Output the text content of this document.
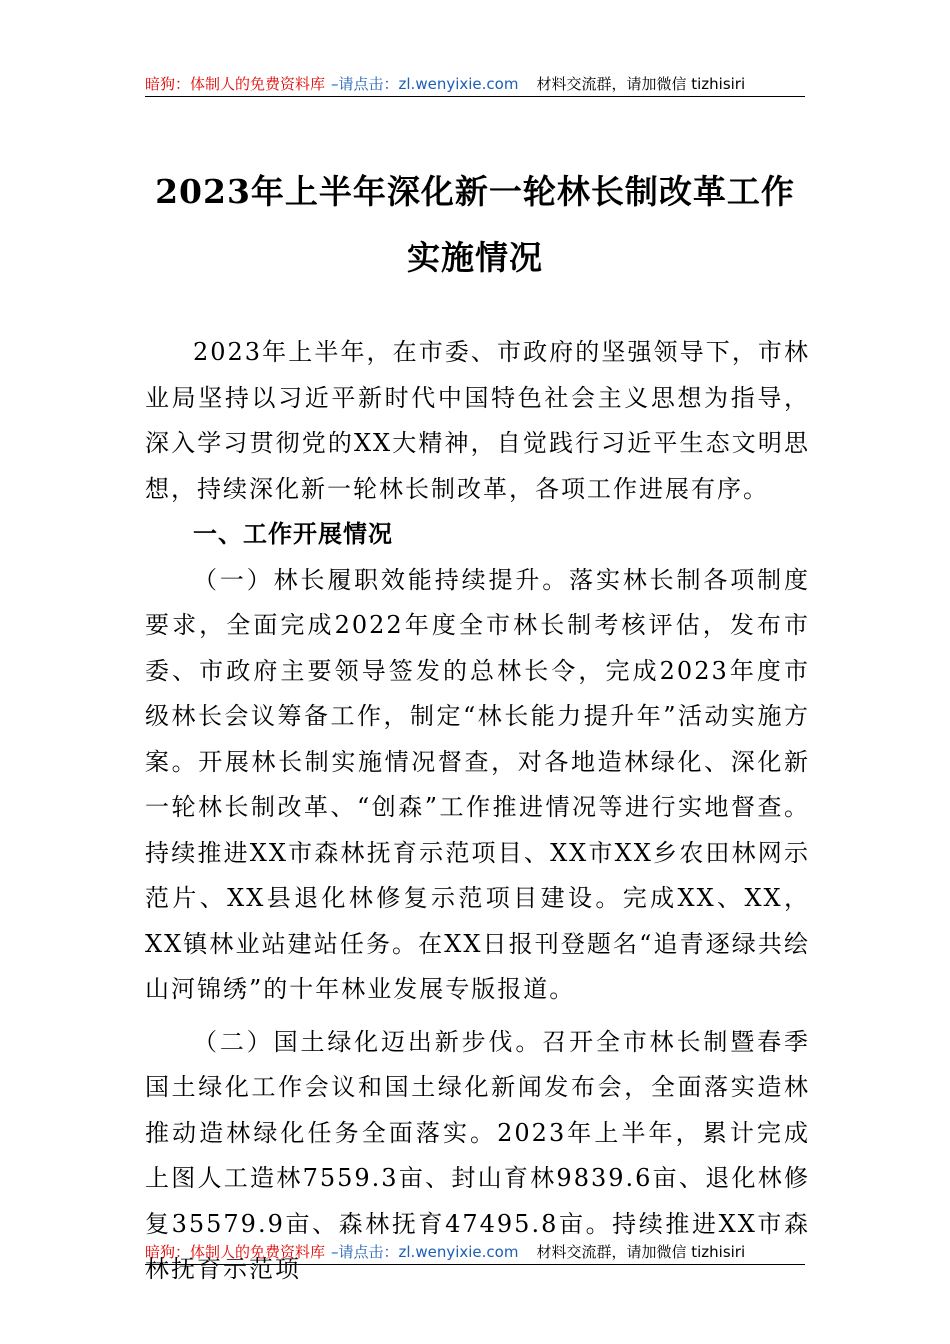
暗狗：体制人的免费资料库 –请点击：zl.wenyixie.com 材料交流群，请加微信 tizhisiri
2023年上半年深化新一轮林长制改革工作
实施情况

2023年上半年，在市委、市政府的坚强领导下，市林业局坚持以习近平新时代中国特色社会主义思想为指导，深入学习贯彻党的XX大精神，自觉践行习近平生态文明思想，持续深化新一轮林长制改革，各项工作进展有序。

一、工作开展情况

（一）林长履职效能持续提升。落实林长制各项制度要求，全面完成2022年度全市林长制考核评估，发布市委、市政府主要领导签发的总林长令，完成2023年度市级林长会议筹备工作，制定“林长能力提升年”活动实施方案。开展林长制实施情况督查，对各地造林绿化、深化新一轮林长制改革、“创森”工作推进情况等进行实地督查。持续推进XX市森林抚育示范项目、XX市XX乡农田林网示范片、XX县退化林修复示范项目建设。完成XX、XX，XX镇林业站建站任务。在XX日报刊登题名“追青逐绿共绘山河锦绣”的十年林业发展专版报道。

（二）国土绿化迈出新步伐。召开全市林长制暨春季国土绿化工作会议和国土绿化新闻发布会，全面落实造林推动造林绿化任务全面落实。2023年上半年，累计完成上图人工造林7559.3亩、封山育林9839.6亩、退化林修复35579.9亩、森林抚育47495.8亩。持续推进XX市森林抚育示范项

暗狗：体制人的免费资料库 –请点击：zl.wenyixie.com 材料交流群，请加微信 tizhisiri
